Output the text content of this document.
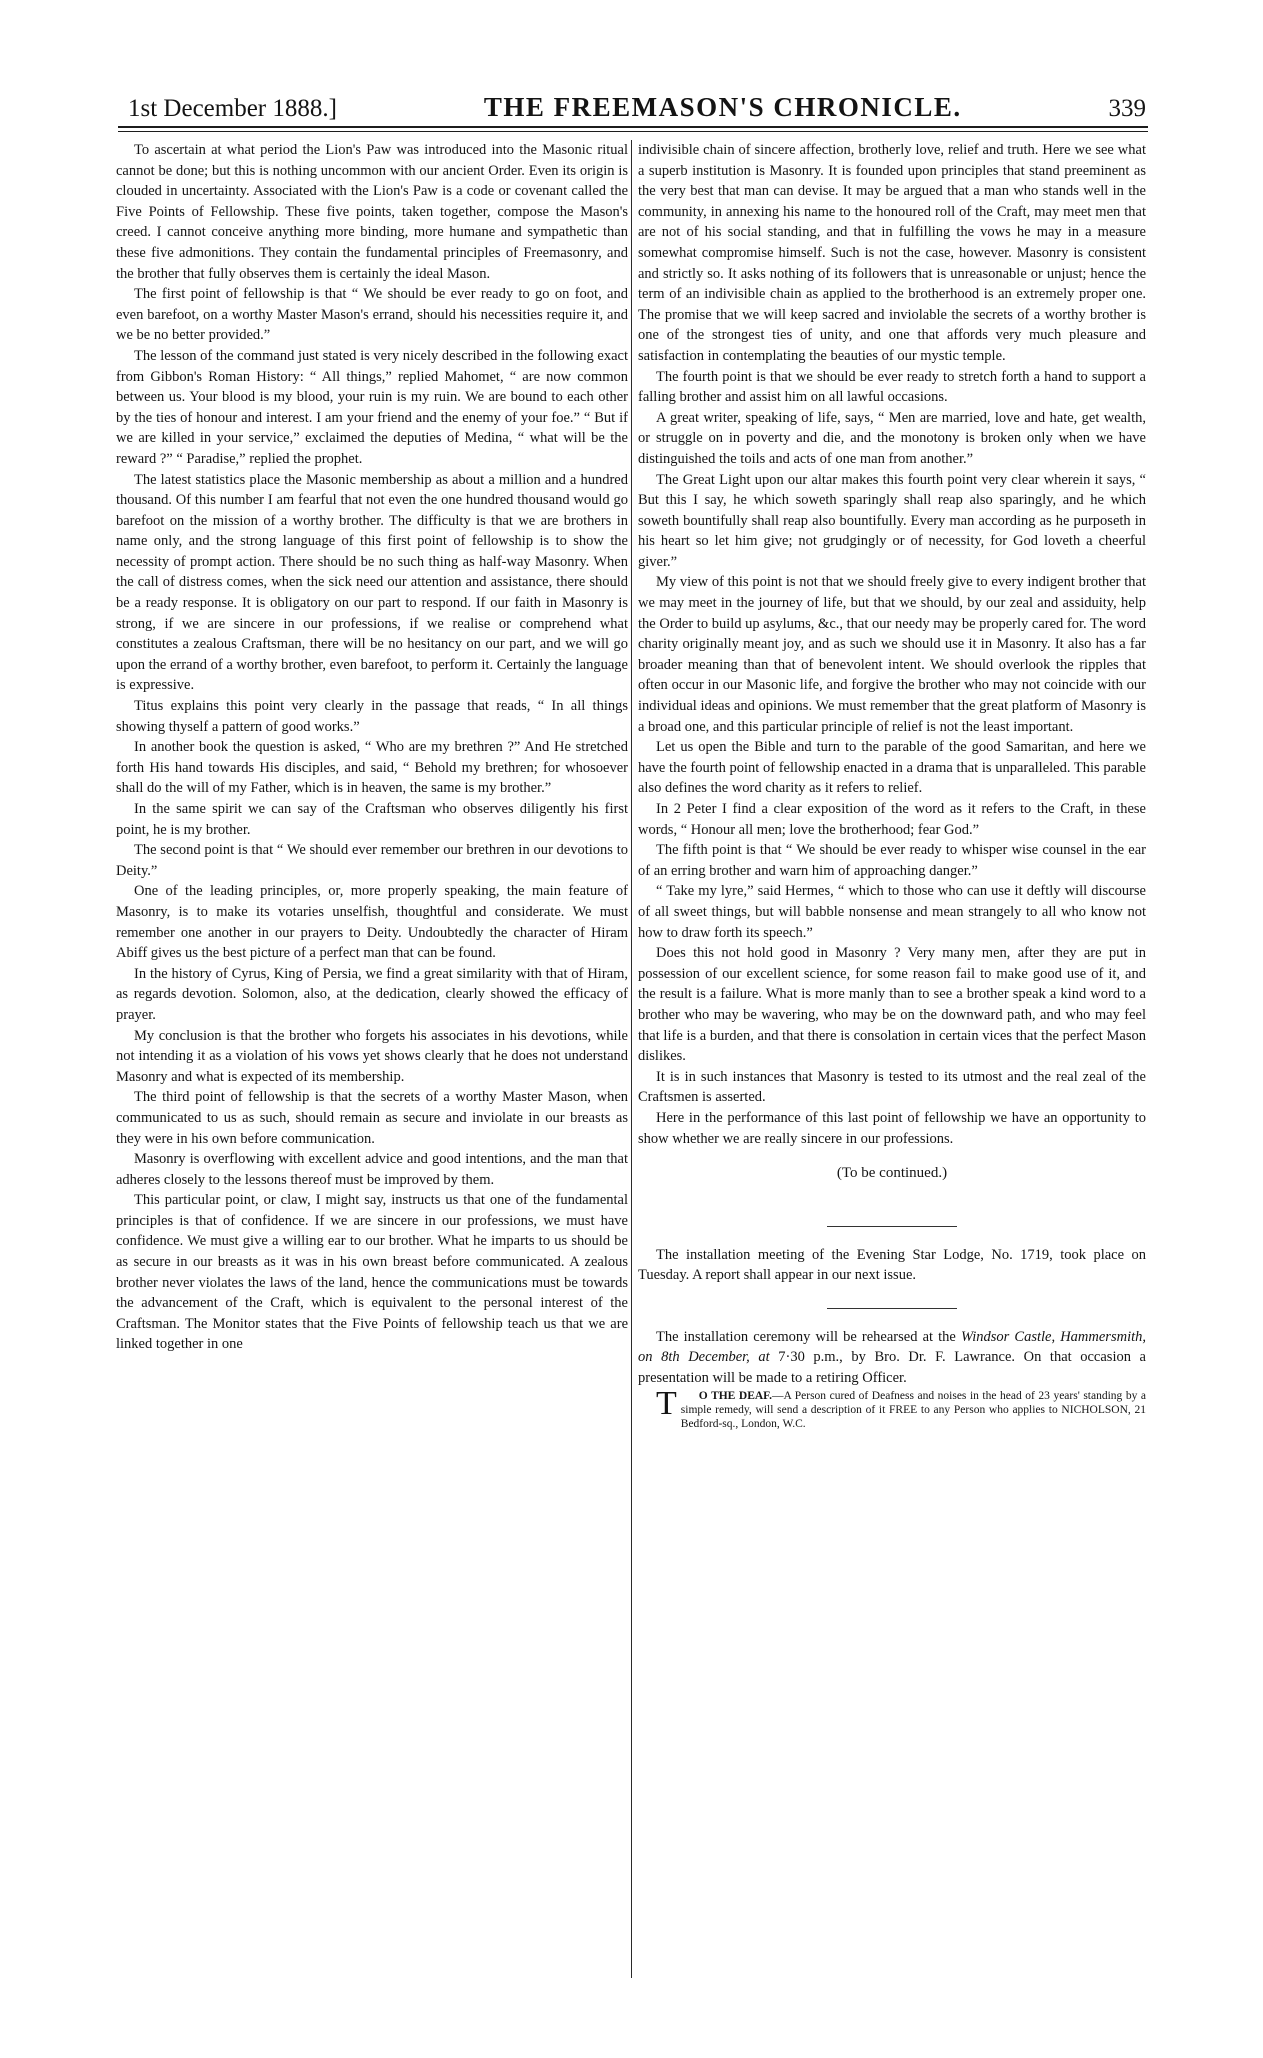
1st December 1888.]	THE FREEMASON'S CHRONICLE.	339

To ascertain at what period the Lion's Paw was introduced into the Masonic ritual cannot be done; but this is nothing uncommon with our ancient Order. Even its origin is clouded in uncertainty. Associated with the Lion's Paw is a code or covenant called the Five Points of Fellowship. These five points, taken together, compose the Mason's creed. I cannot conceive anything more binding, more humane and sympathetic than these five admonitions. They contain the fundamental principles of Freemasonry, and the brother that fully observes them is certainly the ideal Mason.

The first point of fellowship is that “ We should be ever ready to go on foot, and even barefoot, on a worthy Master Mason's errand, should his necessities require it, and we be no better provided.”

The lesson of the command just stated is very nicely described in the following exact from Gibbon's Roman History: “ All things,” replied Mahomet, “ are now common between us. Your blood is my blood, your ruin is my ruin. We are bound to each other by the ties of honour and interest. I am your friend and the enemy of your foe.” “ But if we are killed in your service,” exclaimed the deputies of Medina, “ what will be the reward ?” “ Paradise,” replied the prophet.

The latest statistics place the Masonic membership as about a million and a hundred thousand. Of this number I am fearful that not even the one hundred thousand would go barefoot on the mission of a worthy brother. The difficulty is that we are brothers in name only, and the strong language of this first point of fellowship is to show the necessity of prompt action. There should be no such thing as half-way Masonry. When the call of distress comes, when the sick need our attention and assistance, there should be a ready response. It is obligatory on our part to respond. If our faith in Masonry is strong, if we are sincere in our professions, if we realise or comprehend what constitutes a zealous Craftsman, there will be no hesitancy on our part, and we will go upon the errand of a worthy brother, even barefoot, to perform it. Certainly the language is expressive.

Titus explains this point very clearly in the passage that reads, “ In all things showing thyself a pattern of good works.”

In another book the question is asked, “ Who are my brethren ?” And He stretched forth His hand towards His disciples, and said, “ Behold my brethren; for whosoever shall do the will of my Father, which is in heaven, the same is my brother.”

In the same spirit we can say of the Craftsman who observes diligently his first point, he is my brother.

The second point is that “ We should ever remember our brethren in our devotions to Deity.”

One of the leading principles, or, more properly speaking, the main feature of Masonry, is to make its votaries unselfish, thoughtful and considerate. We must remember one another in our prayers to Deity. Undoubtedly the character of Hiram Abiff gives us the best picture of a perfect man that can be found.

In the history of Cyrus, King of Persia, we find a great similarity with that of Hiram, as regards devotion. Solomon, also, at the dedication, clearly showed the efficacy of prayer.

My conclusion is that the brother who forgets his associates in his devotions, while not intending it as a violation of his vows yet shows clearly that he does not understand Masonry and what is expected of its membership.

The third point of fellowship is that the secrets of a worthy Master Mason, when communicated to us as such, should remain as secure and inviolate in our breasts as they were in his own before communication.

Masonry is overflowing with excellent advice and good intentions, and the man that adheres closely to the lessons thereof must be improved by them.

This particular point, or claw, I might say, instructs us that one of the fundamental principles is that of confidence. If we are sincere in our professions, we must have confidence. We must give a willing ear to our brother. What he imparts to us should be as secure in our breasts as it was in his own breast before communicated. A zealous brother never violates the laws of the land, hence the communications must be towards the advancement of the Craft, which is equivalent to the personal interest of the Craftsman. The Monitor states that the Five Points of fellowship teach us that we are linked together in one

indivisible chain of sincere affection, brotherly love, relief and truth. Here we see what a superb institution is Masonry. It is founded upon principles that stand preeminent as the very best that man can devise. It may be argued that a man who stands well in the community, in annexing his name to the honoured roll of the Craft, may meet men that are not of his social standing, and that in fulfilling the vows he may in a measure somewhat compromise himself. Such is not the case, however. Masonry is consistent and strictly so. It asks nothing of its followers that is unreasonable or unjust; hence the term of an indivisible chain as applied to the brotherhood is an extremely proper one. The promise that we will keep sacred and inviolable the secrets of a worthy brother is one of the strongest ties of unity, and one that affords very much pleasure and satisfaction in contemplating the beauties of our mystic temple.

The fourth point is that we should be ever ready to stretch forth a hand to support a falling brother and assist him on all lawful occasions.

A great writer, speaking of life, says, “ Men are married, love and hate, get wealth, or struggle on in poverty and die, and the monotony is broken only when we have distinguished the toils and acts of one man from another.”

The Great Light upon our altar makes this fourth point very clear wherein it says, “ But this I say, he which soweth sparingly shall reap also sparingly, and he which soweth bountifully shall reap also bountifully. Every man according as he purposeth in his heart so let him give; not grudgingly or of necessity, for God loveth a cheerful giver.”

My view of this point is not that we should freely give to every indigent brother that we may meet in the journey of life, but that we should, by our zeal and assiduity, help the Order to build up asylums, &c., that our needy may be properly cared for. The word charity originally meant joy, and as such we should use it in Masonry. It also has a far broader meaning than that of benevolent intent. We should overlook the ripples that often occur in our Masonic life, and forgive the brother who may not coincide with our individual ideas and opinions. We must remember that the great platform of Masonry is a broad one, and this particular principle of relief is not the least important.

Let us open the Bible and turn to the parable of the good Samaritan, and here we have the fourth point of fellowship enacted in a drama that is unparalleled. This parable also defines the word charity as it refers to relief.

In 2 Peter I find a clear exposition of the word as it refers to the Craft, in these words, “ Honour all men; love the brotherhood; fear God.”

The fifth point is that “ We should be ever ready to whisper wise counsel in the ear of an erring brother and warn him of approaching danger.”

“ Take my lyre,” said Hermes, “ which to those who can use it deftly will discourse of all sweet things, but will babble nonsense and mean strangely to all who know not how to draw forth its speech.”

Does this not hold good in Masonry ? Very many men, after they are put in possession of our excellent science, for some reason fail to make good use of it, and the result is a failure. What is more manly than to see a brother speak a kind word to a brother who may be wavering, who may be on the downward path, and who may feel that life is a burden, and that there is consolation in certain vices that the perfect Mason dislikes.

It is in such instances that Masonry is tested to its utmost and the real zeal of the Craftsmen is asserted.

Here in the performance of this last point of fellowship we have an opportunity to show whether we are really sincere in our professions.

(To be continued.)

The installation meeting of the Evening Star Lodge, No. 1719, took place on Tuesday. A report shall appear in our next issue.

The installation ceremony will be rehearsed at the Windsor Castle, Hammersmith, on 8th December, at 7·30 p.m., by Bro. Dr. F. Lawrance. On that occasion a presentation will be made to a retiring Officer.

T O THE DEAF.—A Person cured of Deafness and noises in the head of 23 years' standing by a simple remedy, will send a description of it FREE to any Person who applies to NICHOLSON, 21 Bedford-sq., London, W.C.
